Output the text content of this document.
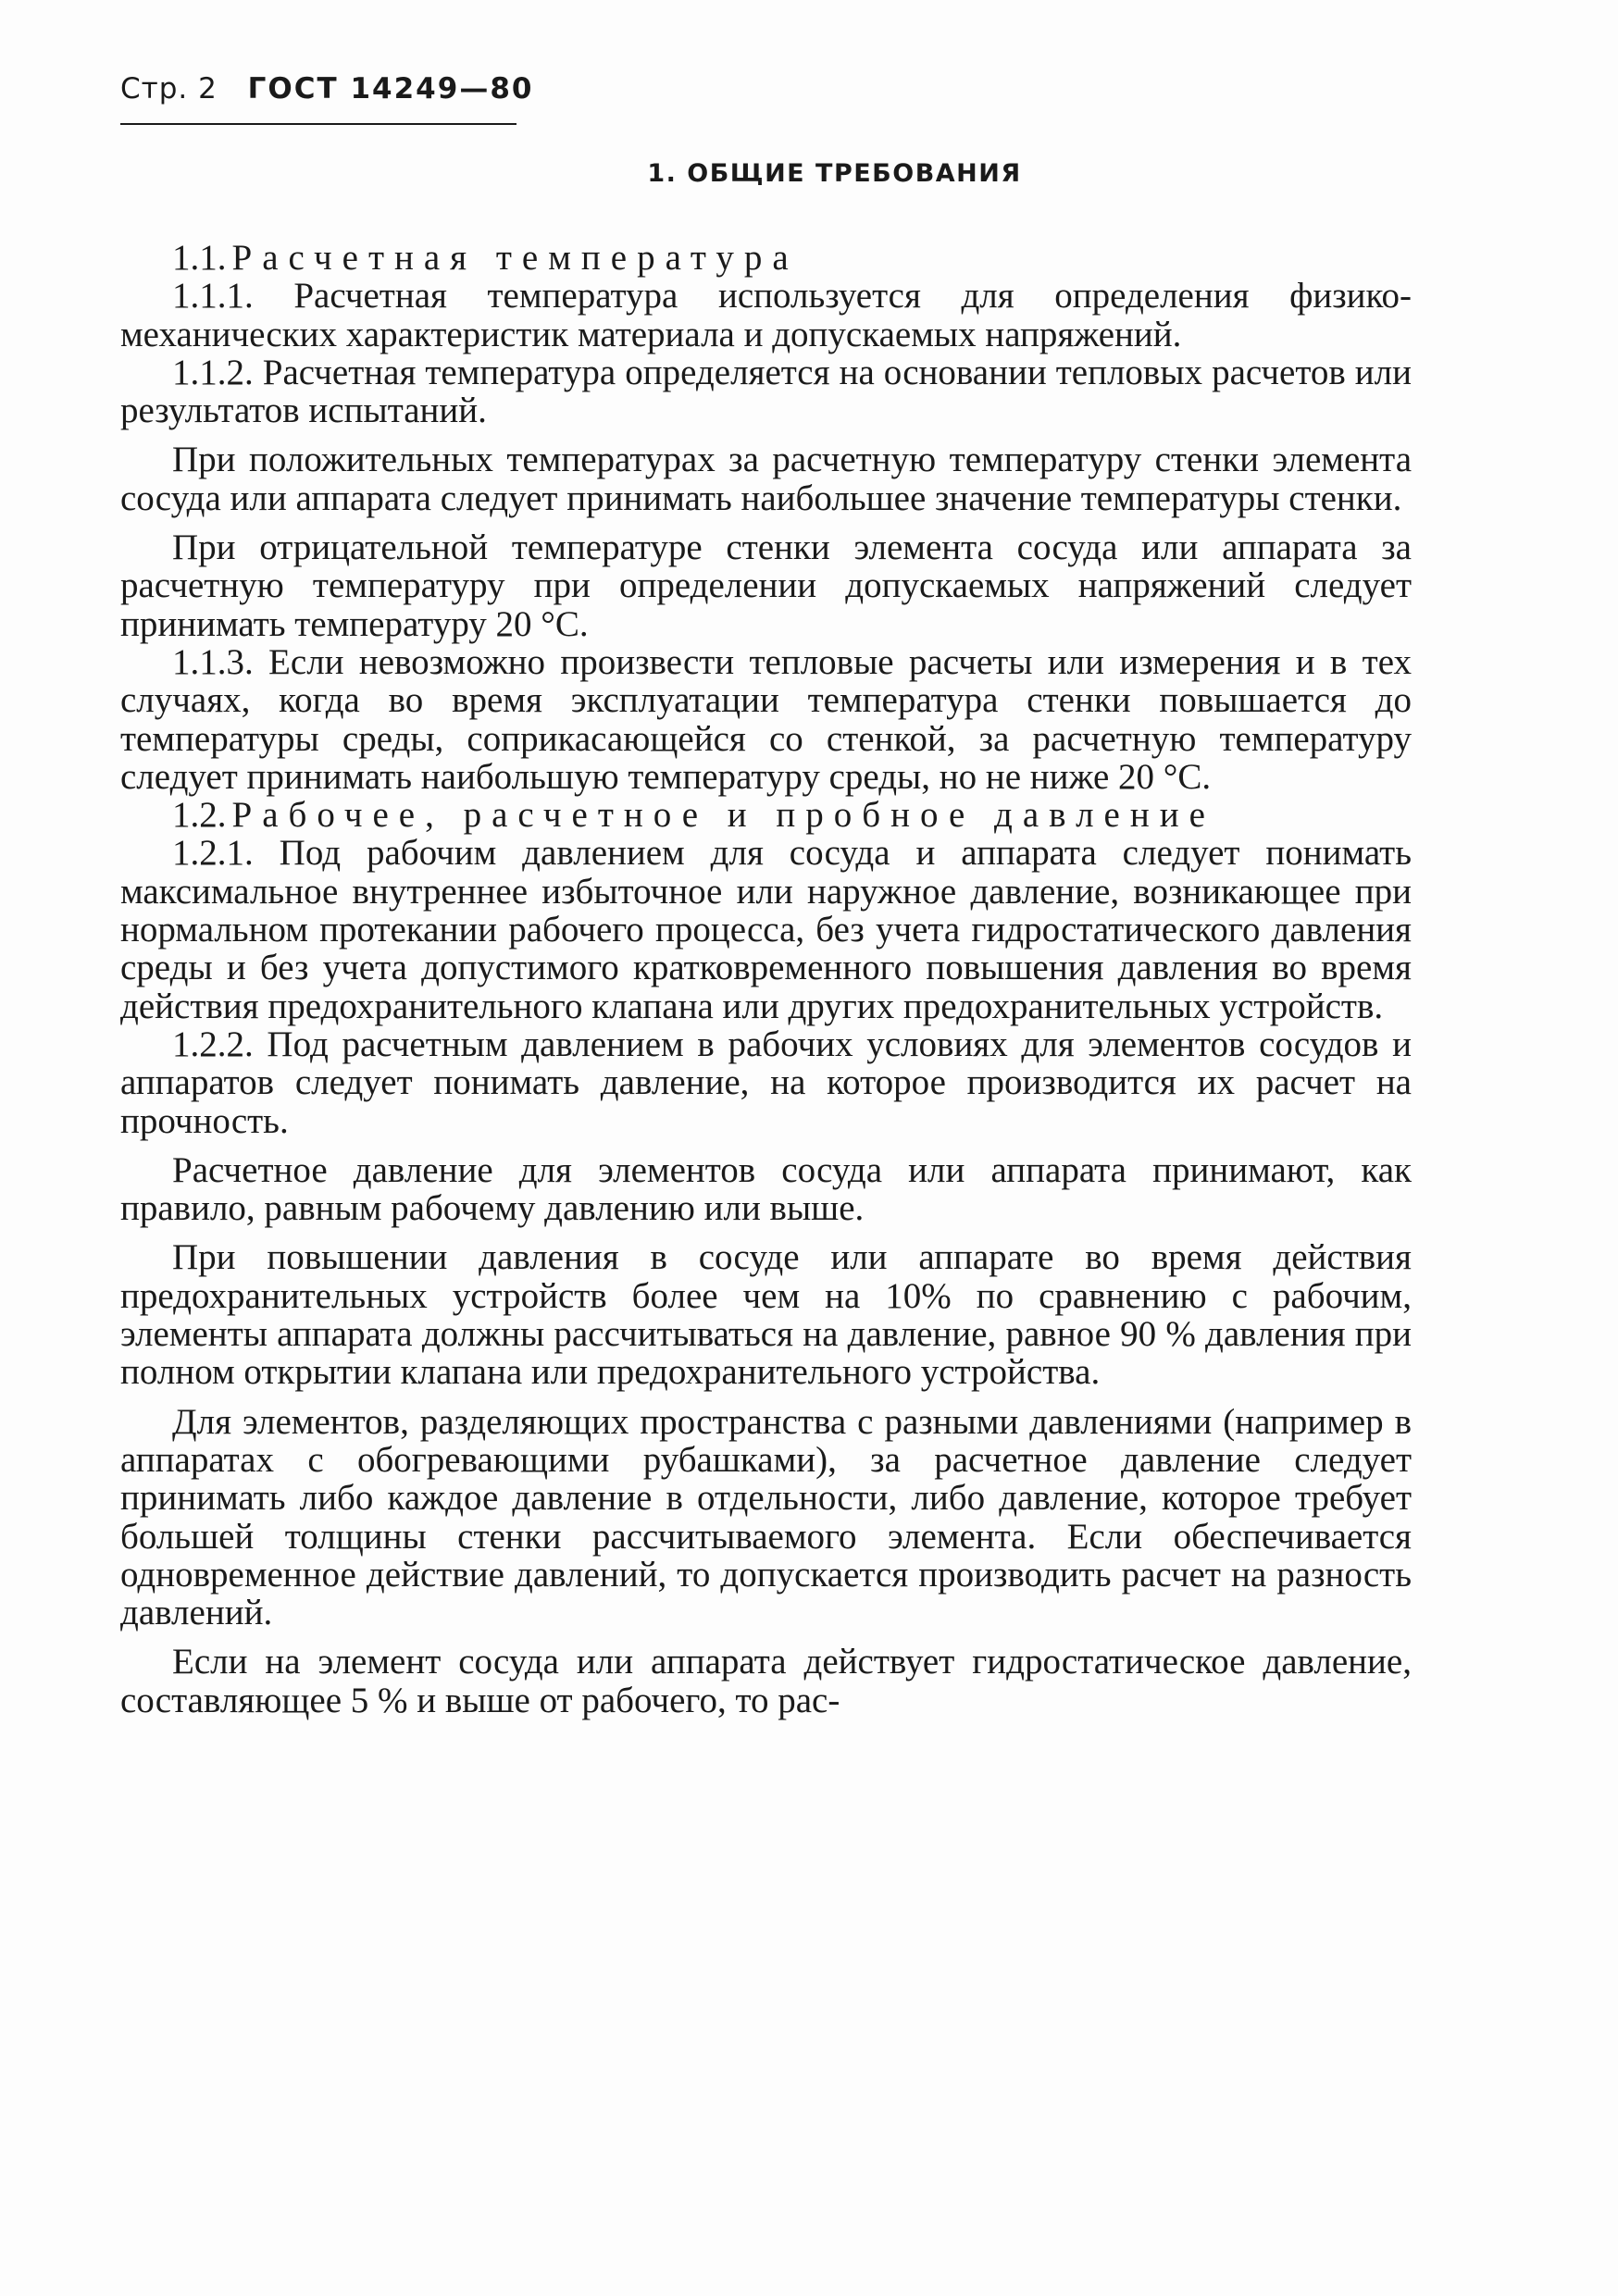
Стр. 2 ГОСТ 14249—80
1. ОБЩИЕ ТРЕБОВАНИЯ

1.1. Расчетная температура

1.1.1. Расчетная температура используется для определения физико-механических характеристик материала и допускаемых напряжений.

1.1.2. Расчетная температура определяется на основании тепловых расчетов или результатов испытаний.

При положительных температурах за расчетную температуру стенки элемента сосуда или аппарата следует принимать наибольшее значение температуры стенки.

При отрицательной температуре стенки элемента сосуда или аппарата за расчетную температуру при определении допускаемых напряжений следует принимать температуру 20 °С.

1.1.3. Если невозможно произвести тепловые расчеты или измерения и в тех случаях, когда во время эксплуатации температура стенки повышается до температуры среды, соприкасающейся со стенкой, за расчетную температуру следует принимать наибольшую температуру среды, но не ниже 20 °С.

1.2. Рабочее, расчетное и пробное давление

1.2.1. Под рабочим давлением для сосуда и аппарата следует понимать максимальное внутреннее избыточное или наружное давление, возникающее при нормальном протекании рабочего процесса, без учета гидростатического давления среды и без учета допустимого кратковременного повышения давления во время действия предохранительного клапана или других предохранительных устройств.

1.2.2. Под расчетным давлением в рабочих условиях для элементов сосудов и аппаратов следует понимать давление, на которое производится их расчет на прочность.

Расчетное давление для элементов сосуда или аппарата принимают, как правило, равным рабочему давлению или выше.

При повышении давления в сосуде или аппарате во время действия предохранительных устройств более чем на 10% по сравнению с рабочим, элементы аппарата должны рассчитываться на давление, равное 90 % давления при полном открытии клапана или предохранительного устройства.

Для элементов, разделяющих пространства с разными давлениями (например в аппаратах с обогревающими рубашками), за расчетное давление следует принимать либо каждое давление в отдельности, либо давление, которое требует большей толщины стенки рассчитываемого элемента. Если обеспечивается одновременное действие давлений, то допускается производить расчет на разность давлений.

Если на элемент сосуда или аппарата действует гидростатическое давление, составляющее 5 % и выше от рабочего, то рас-
